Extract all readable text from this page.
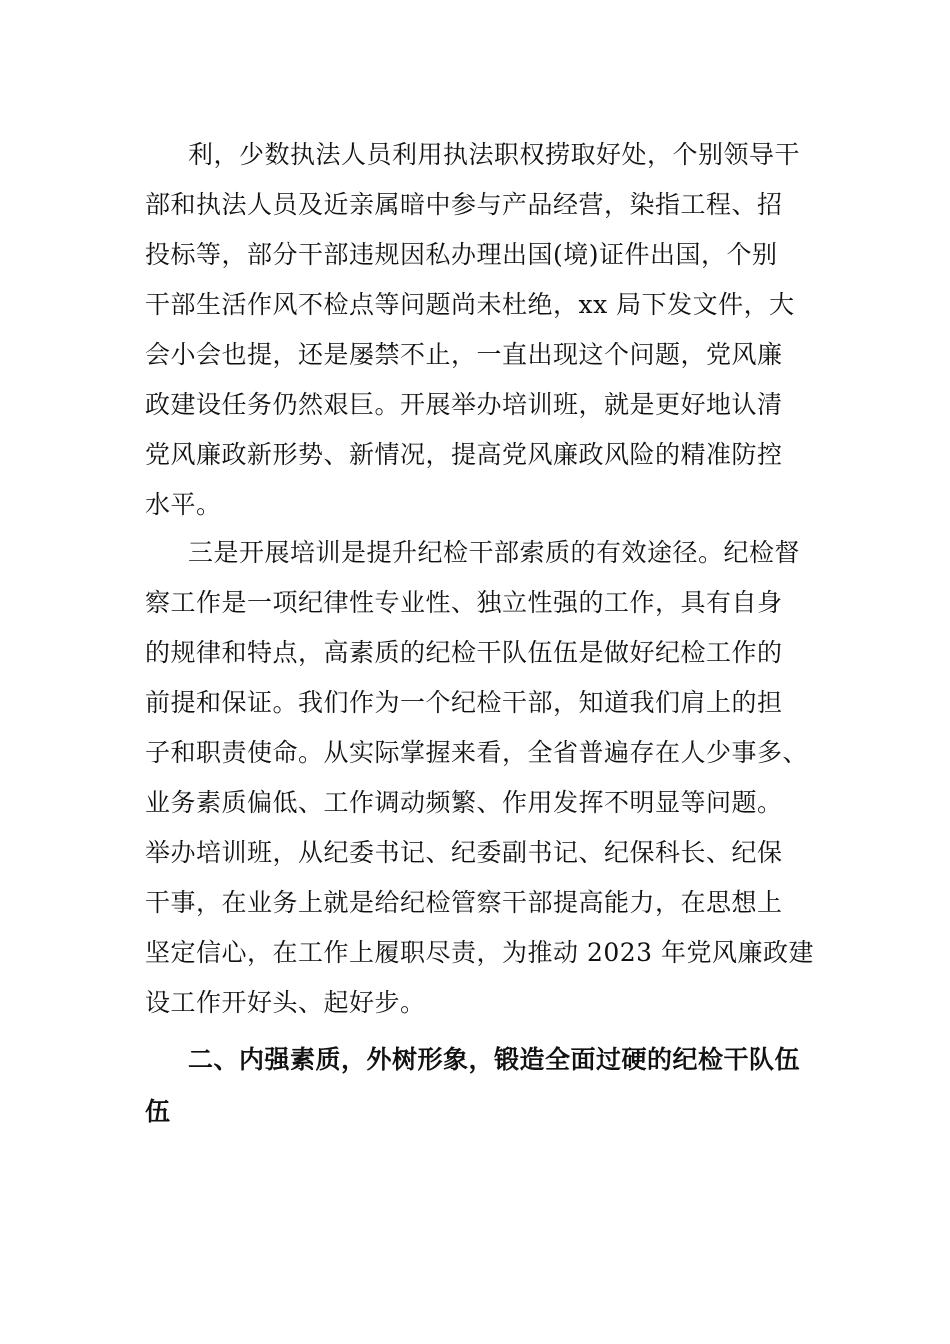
利，少数执法人员利用执法职权捞取好处，个别领导干
部和执法人员及近亲属暗中参与产品经营，染指工程、招
投标等，部分干部违规因私办理出国(境)证件出国，个别
干部生活作风不检点等问题尚未杜绝，xx 局下发文件，大
会小会也提，还是屡禁不止，一直出现这个问题，党风廉
政建设任务仍然艰巨。开展举办培训班，就是更好地认清
党风廉政新形势、新情况，提高党风廉政风险的精准防控
水平。
三是开展培训是提升纪检干部索质的有效途径。纪检督
察工作是一项纪律性专业性、独立性强的工作，具有自身
的规律和特点，高素质的纪检干队伍伍是做好纪检工作的
前提和保证。我们作为一个纪检干部，知道我们肩上的担
子和职责使命。从实际掌握来看，全省普遍存在人少事多、
业务素质偏低、工作调动频繁、作用发挥不明显等问题。
举办培训班，从纪委书记、纪委副书记、纪保科长、纪保
干事，在业务上就是给纪检管察干部提高能力，在思想上
坚定信心，在工作上履职尽责，为推动 2023 年党风廉政建
设工作开好头、起好步。
二、内强素质，外树形象，锻造全面过硬的纪检干队伍
伍
